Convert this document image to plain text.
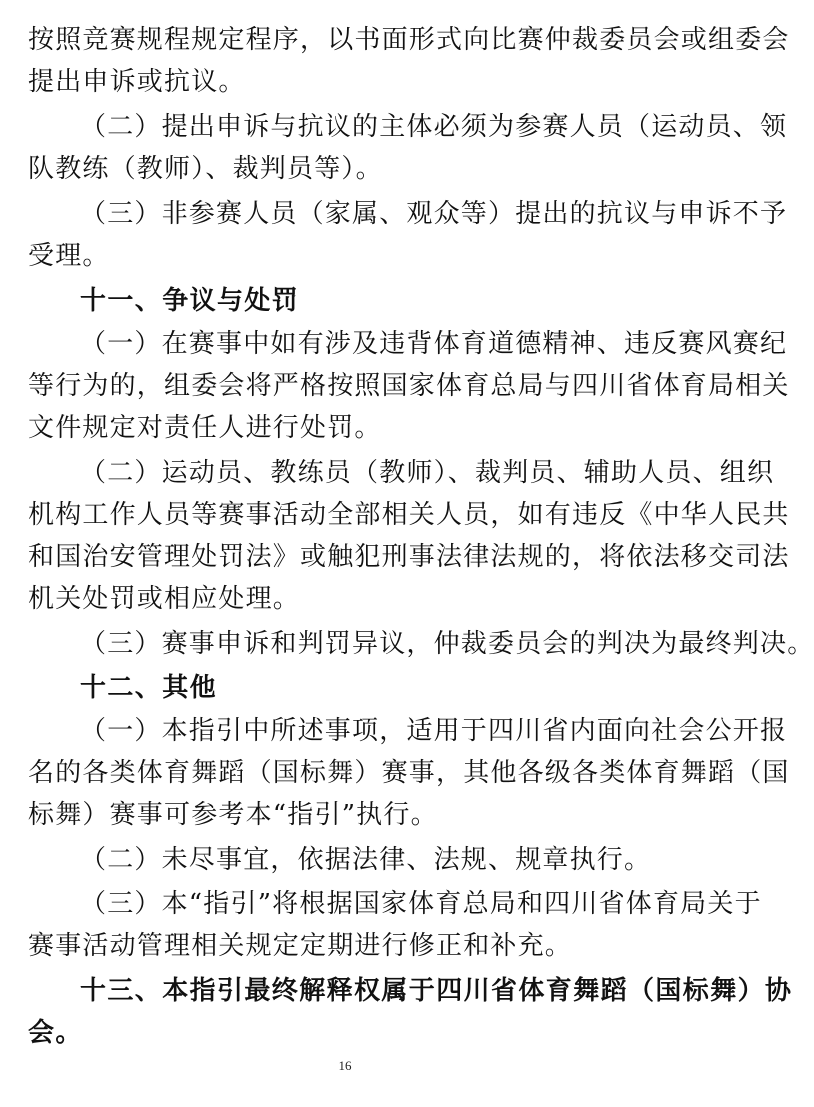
按照竞赛规程规定程序，以书面形式向比赛仲裁委员会或组委会
提出申诉或抗议。
（二）提出申诉与抗议的主体必须为参赛人员（运动员、领
队教练（教师）、裁判员等）。
（三）非参赛人员（家属、观众等）提出的抗议与申诉不予
受理。
十一、争议与处罚
（一）在赛事中如有涉及违背体育道德精神、违反赛风赛纪
等行为的，组委会将严格按照国家体育总局与四川省体育局相关
文件规定对责任人进行处罚。
（二）运动员、教练员（教师）、裁判员、辅助人员、组织
机构工作人员等赛事活动全部相关人员，如有违反《中华人民共
和国治安管理处罚法》或触犯刑事法律法规的，将依法移交司法
机关处罚或相应处理。
（三）赛事申诉和判罚异议，仲裁委员会的判决为最终判决。
十二、其他
（一）本指引中所述事项，适用于四川省内面向社会公开报
名的各类体育舞蹈（国标舞）赛事，其他各级各类体育舞蹈（国
标舞）赛事可参考本“指引”执行。
（二）未尽事宜，依据法律、法规、规章执行。
（三）本“指引”将根据国家体育总局和四川省体育局关于
赛事活动管理相关规定定期进行修正和补充。
十三、本指引最终解释权属于四川省体育舞蹈（国标舞）协
会。
16
